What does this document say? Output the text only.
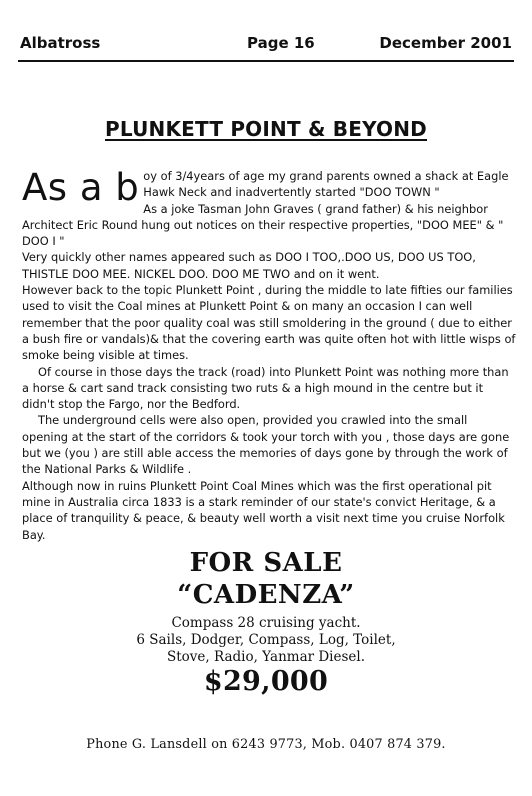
Albatross	Page 16	December 2001
PLUNKETT POINT & BEYOND
As a b oy of 3/4years of age my grand parents owned a shack at Eagle Hawk Neck and inadvertently started "DOO TOWN "

As a joke Tasman John Graves ( grand father) & his neighbor Architect Eric Round hung out notices on their respective properties, "DOO MEE" & " DOO I "

Very quickly other names appeared such as DOO I TOO,.DOO US, DOO US TOO, THISTLE DOO MEE. NICKEL DOO. DOO ME TWO and on it went.

However back to the topic Plunkett Point , during the middle to late fifties our families used to visit the Coal mines at Plunkett Point & on many an occasion I can well remember that the poor quality coal was still smoldering in the ground ( due to either a bush fire or vandals)& that the covering earth was quite often hot with little wisps of smoke being visible at times.

Of course in those days the track (road) into Plunkett Point was nothing more than a horse & cart sand track consisting two ruts & a high mound in the centre but it didn't stop the Fargo, nor the Bedford.

The underground cells were also open, provided you crawled into the small opening at the start of the corridors & took your torch with you , those days are gone but we (you ) are still able access the memories of days gone by through the work of the National Parks & Wildlife .

Although now in ruins Plunkett Point Coal Mines which was the first operational pit mine in Australia circa 1833 is a stark reminder of our state's convict Heritage, & a place of tranquility & peace, & beauty well worth a visit next time you cruise Norfolk Bay.

FOR SALE
“CADENZA”
Compass 28 cruising yacht.
6 Sails, Dodger, Compass, Log, Toilet,
Stove, Radio, Yanmar Diesel.
$29,000
Phone G. Lansdell on 6243 9773, Mob. 0407 874 379.
